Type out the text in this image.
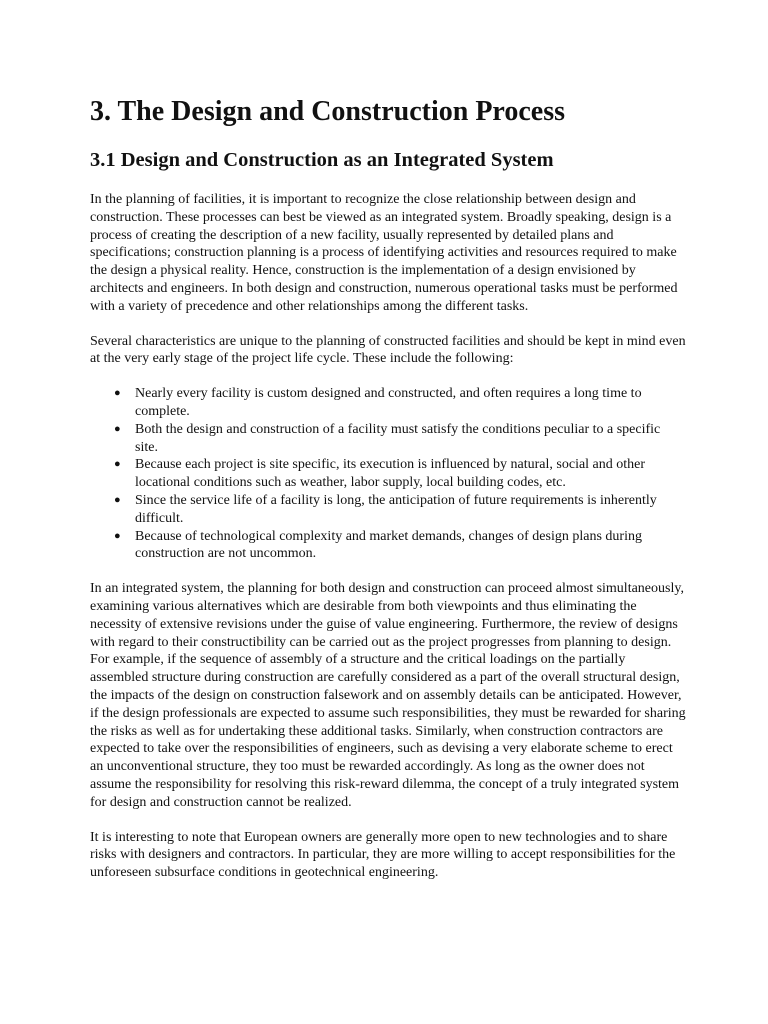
3. The Design and Construction Process
3.1 Design and Construction as an Integrated System

In the planning of facilities, it is important to recognize the close relationship between design and construction. These processes can best be viewed as an integrated system. Broadly speaking, design is a process of creating the description of a new facility, usually represented by detailed plans and specifications; construction planning is a process of identifying activities and resources required to make the design a physical reality. Hence, construction is the implementation of a design envisioned by architects and engineers. In both design and construction, numerous operational tasks must be performed with a variety of precedence and other relationships among the different tasks.

Several characteristics are unique to the planning of constructed facilities and should be kept in mind even at the very early stage of the project life cycle. These include the following:

● Nearly every facility is custom designed and constructed, and often requires a long time to complete.
● Both the design and construction of a facility must satisfy the conditions peculiar to a specific site.
● Because each project is site specific, its execution is influenced by natural, social and other locational conditions such as weather, labor supply, local building codes, etc.
● Since the service life of a facility is long, the anticipation of future requirements is inherently difficult.
● Because of technological complexity and market demands, changes of design plans during construction are not uncommon.

In an integrated system, the planning for both design and construction can proceed almost simultaneously, examining various alternatives which are desirable from both viewpoints and thus eliminating the necessity of extensive revisions under the guise of value engineering. Furthermore, the review of designs with regard to their constructibility can be carried out as the project progresses from planning to design. For example, if the sequence of assembly of a structure and the critical loadings on the partially assembled structure during construction are carefully considered as a part of the overall structural design, the impacts of the design on construction falsework and on assembly details can be anticipated. However, if the design professionals are expected to assume such responsibilities, they must be rewarded for sharing the risks as well as for undertaking these additional tasks. Similarly, when construction contractors are expected to take over the responsibilities of engineers, such as devising a very elaborate scheme to erect an unconventional structure, they too must be rewarded accordingly. As long as the owner does not assume the responsibility for resolving this risk-reward dilemma, the concept of a truly integrated system for design and construction cannot be realized.

It is interesting to note that European owners are generally more open to new technologies and to share risks with designers and contractors. In particular, they are more willing to accept responsibilities for the unforeseen subsurface conditions in geotechnical engineering.
